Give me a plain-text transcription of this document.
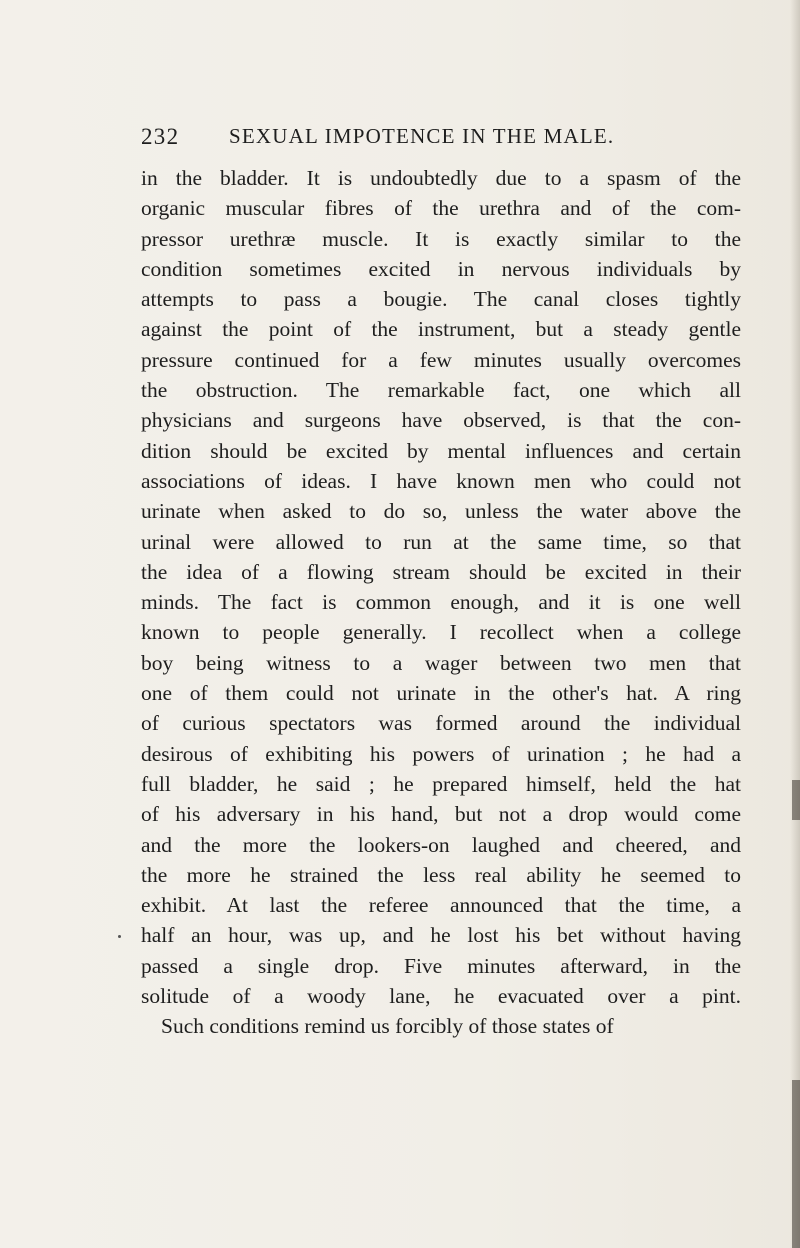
232 SEXUAL IMPOTENCE IN THE MALE.
in the bladder. It is undoubtedly due to a spasm of the
organic muscular fibres of the urethra and of the com-
pressor urethræ muscle. It is exactly similar to the
condition sometimes excited in nervous individuals by
attempts to pass a bougie. The canal closes tightly
against the point of the instrument, but a steady gentle
pressure continued for a few minutes usually overcomes
the obstruction. The remarkable fact, one which all
physicians and surgeons have observed, is that the con-
dition should be excited by mental influences and certain
associations of ideas. I have known men who could not
urinate when asked to do so, unless the water above the
urinal were allowed to run at the same time, so that
the idea of a flowing stream should be excited in their
minds. The fact is common enough, and it is one well
known to people generally. I recollect when a college
boy being witness to a wager between two men that
one of them could not urinate in the other's hat. A ring
of curious spectators was formed around the individual
desirous of exhibiting his powers of urination ; he had a
full bladder, he said ; he prepared himself, held the hat
of his adversary in his hand, but not a drop would come
and the more the lookers-on laughed and cheered, and
the more he strained the less real ability he seemed to
exhibit. At last the referee announced that the time, a
half an hour, was up, and he lost his bet without having
passed a single drop. Five minutes afterward, in the
solitude of a woody lane, he evacuated over a pint.
Such conditions remind us forcibly of those states of
